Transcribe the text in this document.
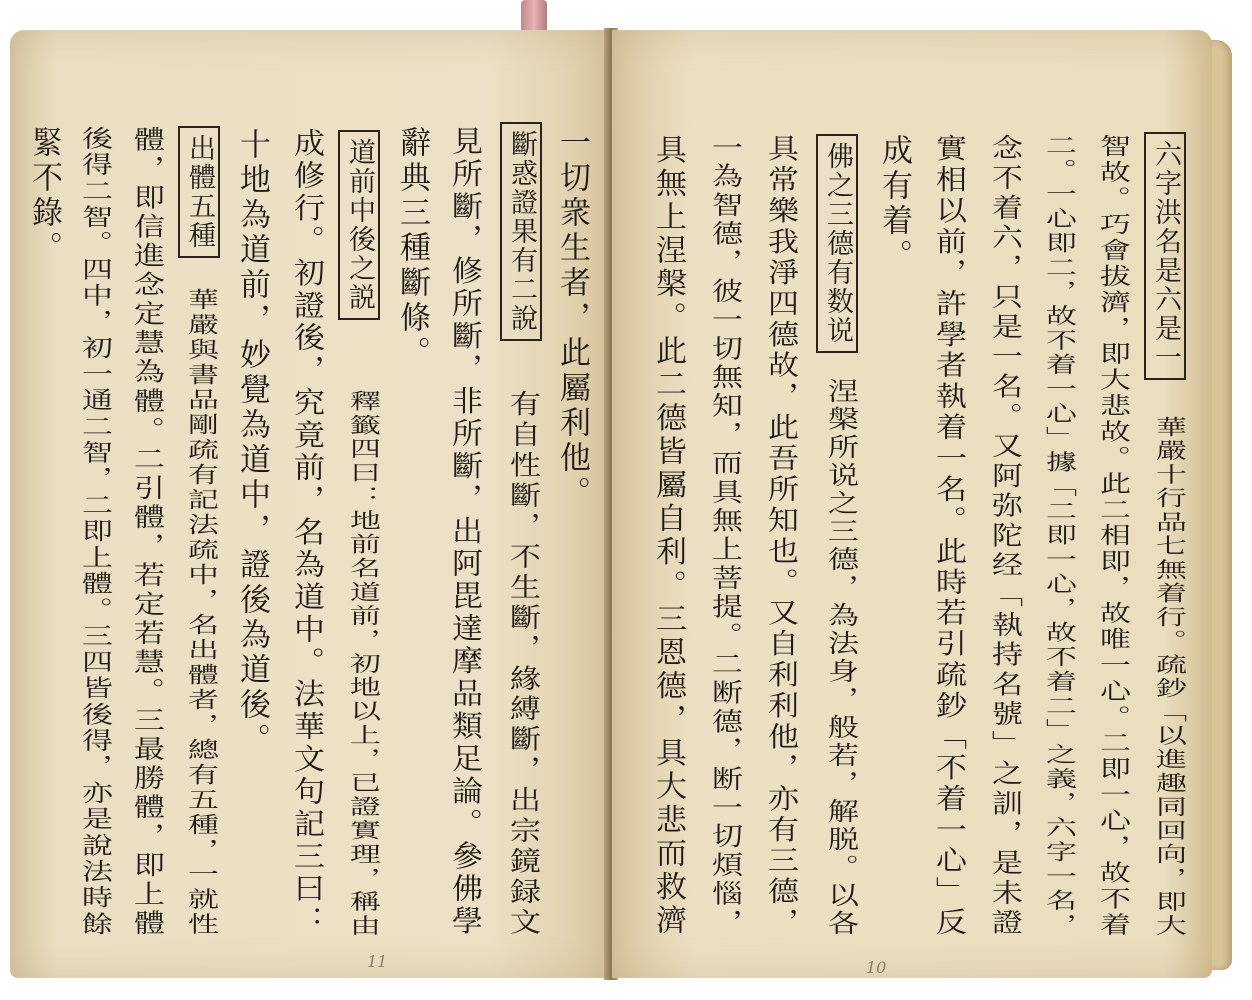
一切衆生者，此屬利他。
斷惑證果有二說
有自性斷，不生斷，緣縛斷，出宗鏡録文
見所斷，修所斷，非所斷，出阿毘達摩品類足論。參佛學
辭典三種斷條。
道前中後之説
釋籤四曰：地前名道前，初地以上，已證實理，稱由
成修行。初證後，究竟前，名為道中。法華文句記三曰：
十地為道前，妙覺為道中，證後為道後。
出體五種
華嚴與書品剛疏有記法疏中，名出體者，總有五種，一就性
體，即信進念定慧為體。二引體，若定若慧。三最勝體，即上體
後得二智。四中，初一通二智，二即上體。三四皆後得，亦是說法時餘
緊不錄。
11
六字洪名是六是一
華嚴十行品七無着行。疏鈔「以進趣同回向，即大
智故。巧會拔濟，即大悲故。此二相即，故唯一心。二即一心，故不着
二。一心即二，故不着一心」據「二即一心，故不着二」之義，六字一名，
念不着六，只是一名。又阿弥陀经「執持名號」之訓，是未證
實相以前，許學者執着一名。此時若引疏鈔「不着一心」反
成有着。
佛之三德有数说
涅槃所说之三德，為法身，般若，解脱。以各
具常樂我淨四德故，此吾所知也。又自利利他，亦有三德，
一為智德，彼一切無知，而具無上菩提。二断德，断一切煩惱，
具無上涅槃。此二德皆屬自利。三恩德，具大悲而救濟
10
